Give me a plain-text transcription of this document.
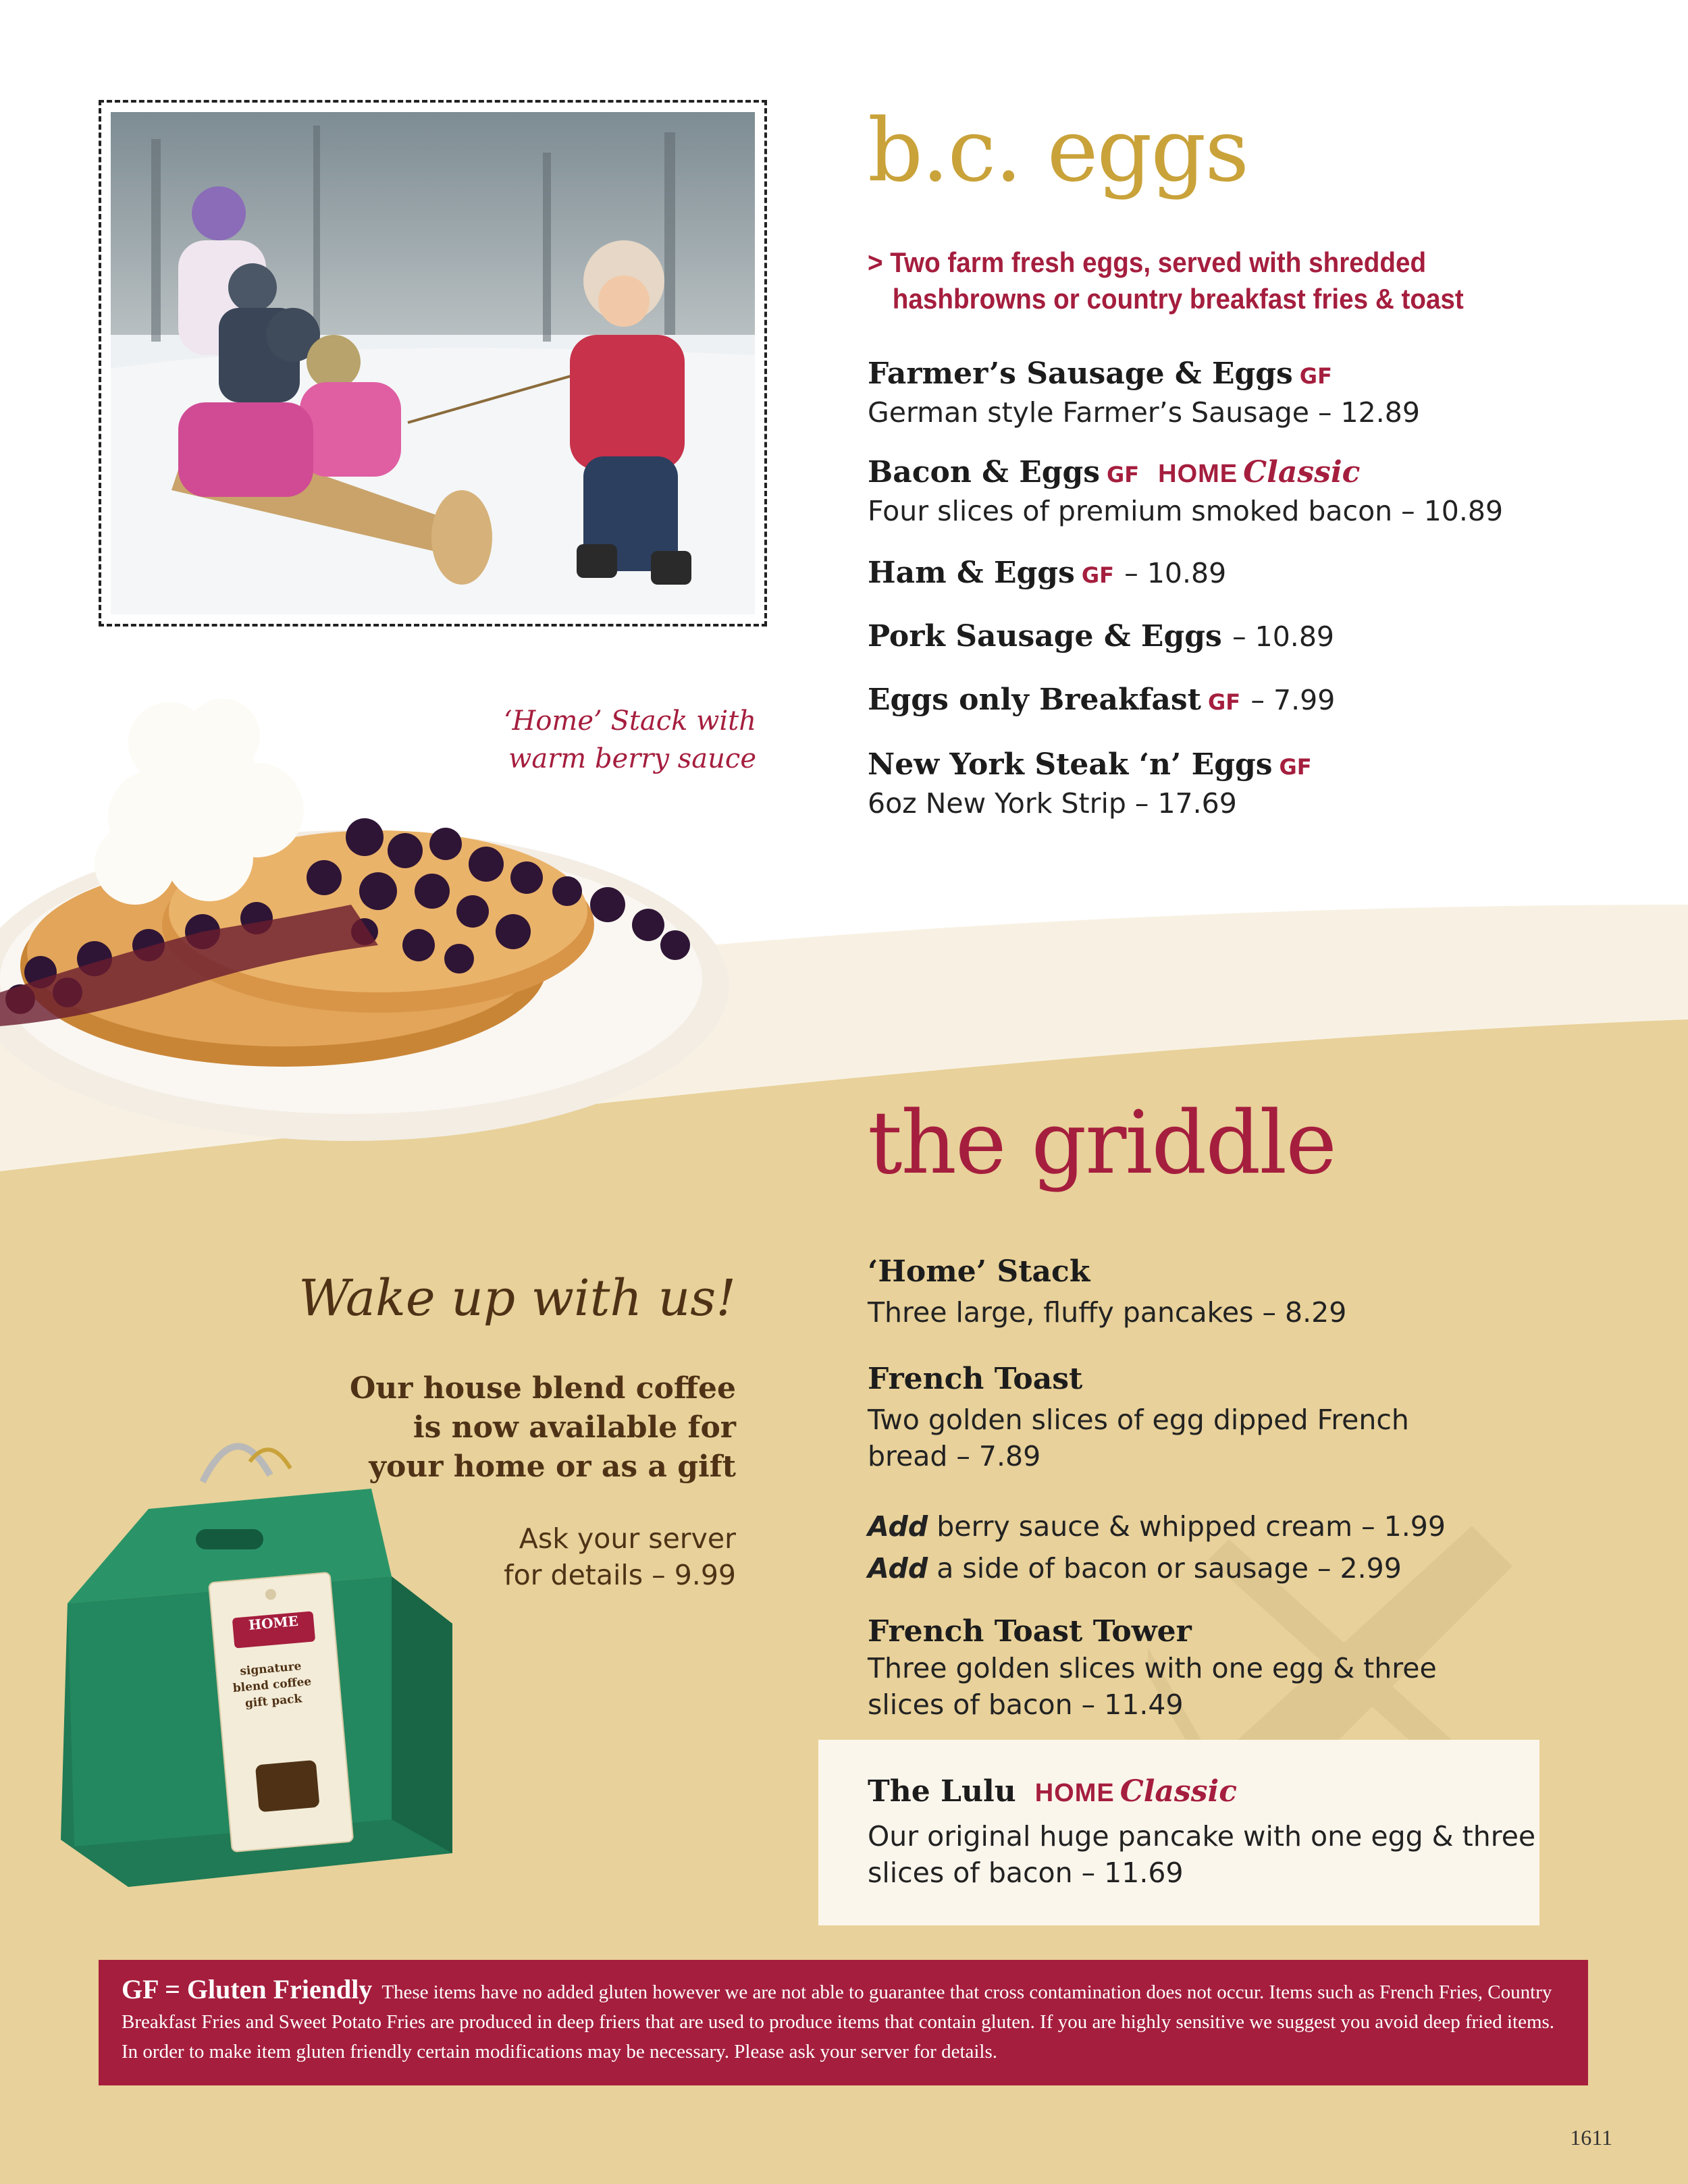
b.c. eggs
> Two farm fresh eggs, served with shredded
hashbrowns or country breakfast fries & toast
Farmer’s Sausage & Eggs GF
German style Farmer’s Sausage – 12.89
Bacon & Eggs GF HOME Classic
Four slices of premium smoked bacon – 10.89
Ham & Eggs GF – 10.89
Pork Sausage & Eggs – 10.89
Eggs only Breakfast GF – 7.99
New York Steak ‘n’ Eggs GF
6oz New York Strip – 17.69
‘Home’ Stack with
warm berry sauce
the griddle
‘Home’ Stack
Three large, fluffy pancakes – 8.29
French Toast
Two golden slices of egg dipped French
bread – 7.89
Add berry sauce & whipped cream – 1.99
Add a side of bacon or sausage – 2.99
French Toast Tower
Three golden slices with one egg & three
slices of bacon – 11.49
The Lulu HOME Classic
Our original huge pancake with one egg & three
slices of bacon – 11.69
Wake up with us!
Our house blend coffee
is now available for
your home or as a gift
Ask your server
for details – 9.99
HOME
signature
blend coffee
gift pack
GF = Gluten Friendly These items have no added gluten however we are not able to guarantee that cross contamination does not occur. Items such as French Fries, Country Breakfast Fries and Sweet Potato Fries are produced in deep friers that are used to produce items that contain gluten. If you are highly sensitive we suggest you avoid deep fried items. In order to make item gluten friendly certain modifications may be necessary. Please ask your server for details.
1611
